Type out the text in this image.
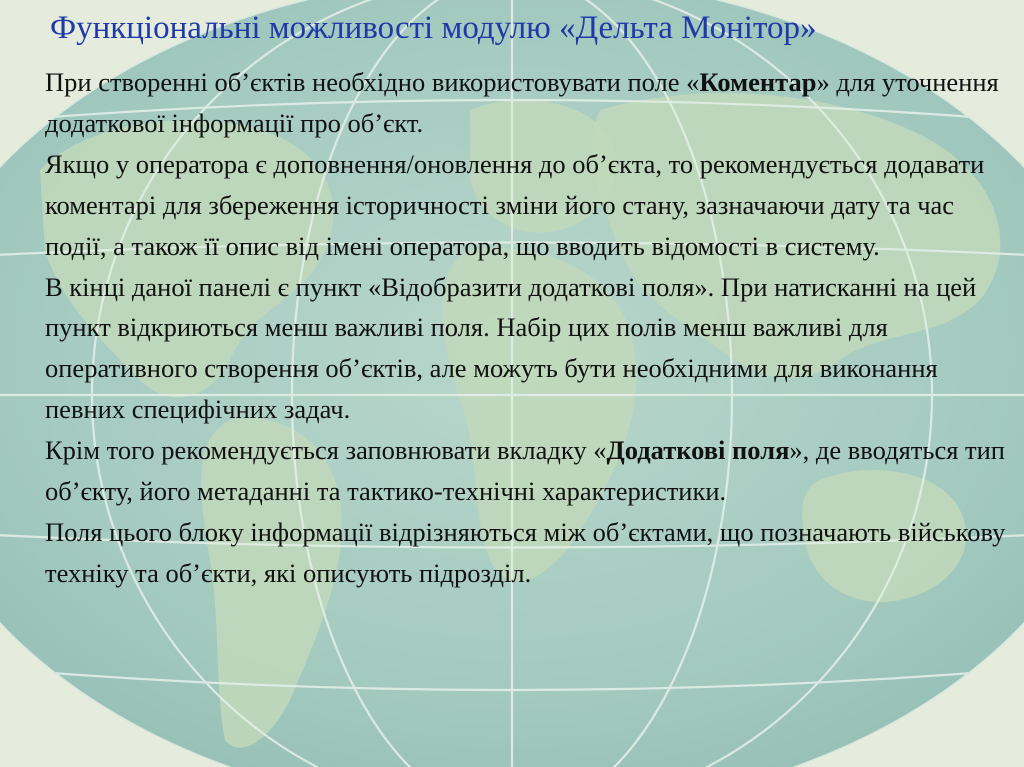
Функціональні можливості модулю «Дельта Монітор»

При створенні об’єктів необхідно використовувати поле «Коментар» для уточнення додаткової інформації про об’єкт.

Якщо у оператора є доповнення/оновлення до об’єкта, то рекомендується додавати коментарі для збереження історичності зміни його стану, зазначаючи дату та час події, а також її опис від імені оператора, що вводить відомості в систему.

В кінці даної панелі є пункт «Відобразити додаткові поля». При натисканні на цей пункт відкриються менш важливі поля. Набір цих полів менш важливі для оперативного створення об’єктів, але можуть бути необхідними для виконання певних специфічних задач.

Крім того рекомендується заповнювати вкладку «Додаткові поля», де вводяться тип об’єкту, його метаданні та тактико-технічні характеристики.

Поля цього блоку інформації відрізняються між об’єктами, що позначають військову техніку та об’єкти, які описують підрозділ.
